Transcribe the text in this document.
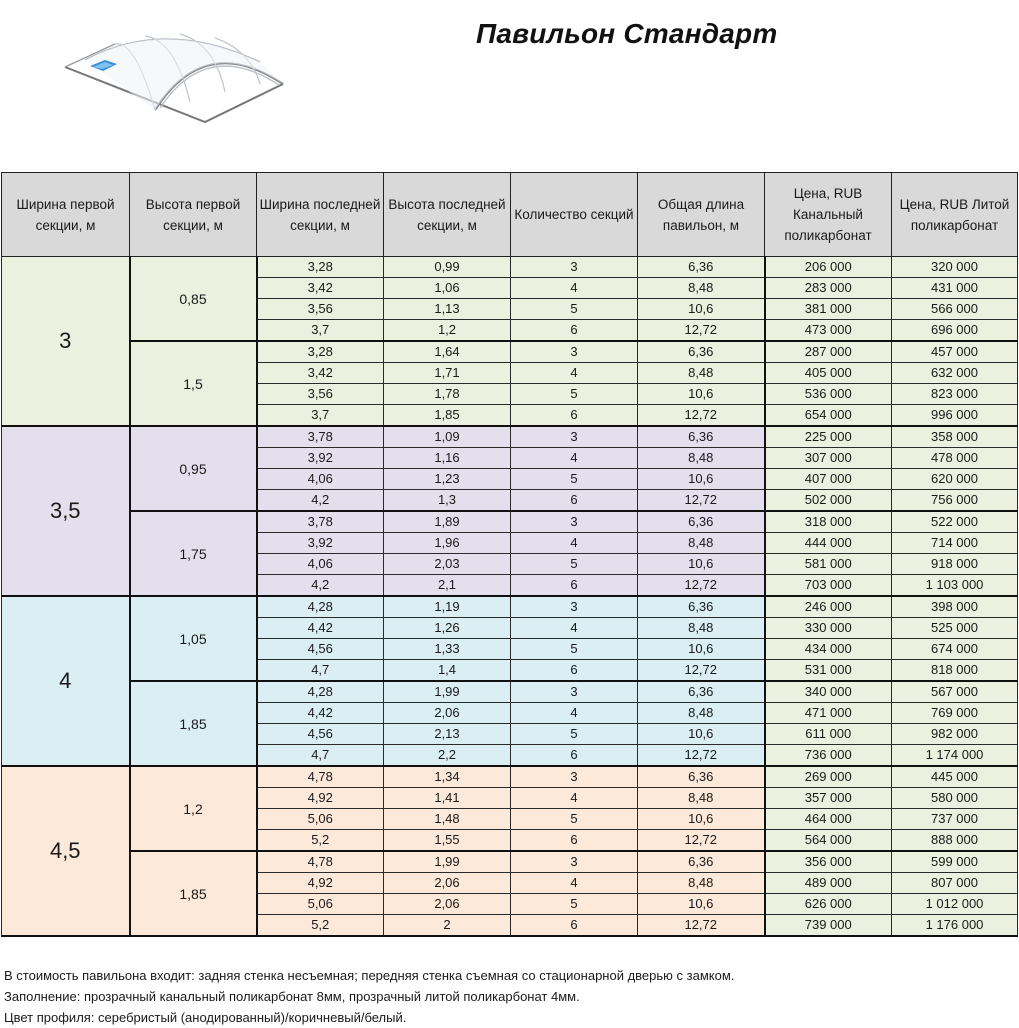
Павильон Стандарт
Ширина первой секции, м	Высота первой секции, м	Ширина последней секции, м	Высота последней секции, м	Количество секций	Общая длина павильон, м	Цена, RUB Канальный поликарбонат	Цена, RUB Литой поликарбонат
3	0,85	3,28	0,99	3	6,36	206 000	320 000
		3,42	1,06	4	8,48	283 000	431 000
		3,56	1,13	5	10,6	381 000	566 000
		3,7	1,2	6	12,72	473 000	696 000
	1,5	3,28	1,64	3	6,36	287 000	457 000
		3,42	1,71	4	8,48	405 000	632 000
		3,56	1,78	5	10,6	536 000	823 000
		3,7	1,85	6	12,72	654 000	996 000
3,5	0,95	3,78	1,09	3	6,36	225 000	358 000
		3,92	1,16	4	8,48	307 000	478 000
		4,06	1,23	5	10,6	407 000	620 000
		4,2	1,3	6	12,72	502 000	756 000
	1,75	3,78	1,89	3	6,36	318 000	522 000
		3,92	1,96	4	8,48	444 000	714 000
		4,06	2,03	5	10,6	581 000	918 000
		4,2	2,1	6	12,72	703 000	1 103 000
4	1,05	4,28	1,19	3	6,36	246 000	398 000
		4,42	1,26	4	8,48	330 000	525 000
		4,56	1,33	5	10,6	434 000	674 000
		4,7	1,4	6	12,72	531 000	818 000
	1,85	4,28	1,99	3	6,36	340 000	567 000
		4,42	2,06	4	8,48	471 000	769 000
		4,56	2,13	5	10,6	611 000	982 000
		4,7	2,2	6	12,72	736 000	1 174 000
4,5	1,2	4,78	1,34	3	6,36	269 000	445 000
		4,92	1,41	4	8,48	357 000	580 000
		5,06	1,48	5	10,6	464 000	737 000
		5,2	1,55	6	12,72	564 000	888 000
	1,85	4,78	1,99	3	6,36	356 000	599 000
		4,92	2,06	4	8,48	489 000	807 000
		5,06	2,06	5	10,6	626 000	1 012 000
		5,2	2	6	12,72	739 000	1 176 000
В стоимость павильона входит: задняя стенка несъемная; передняя стенка съемная со стационарной дверью с замком.
Заполнение: прозрачный канальный поликарбонат 8мм, прозрачный литой поликарбонат 4мм.
Цвет профиля: серебристый (анодированный)/коричневый/белый.
